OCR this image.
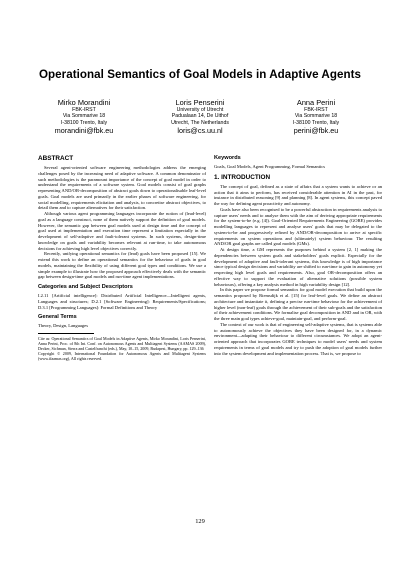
Operational Semantics of Goal Models in Adaptive Agents
Mirko Morandini
FBK-IRST
Via Sommarive 18
I-38100 Trento, Italy
morandini@fbk.eu
Loris Penserini
University of Utrecht
Padualaan 14, De Uithof
Utrecht, The Netherlands
loris@cs.uu.nl
Anna Perini
FBK-IRST
Via Sommarive 18
I-38100 Trento, Italy
perini@fbk.eu
ABSTRACT

Several agent-oriented software engineering methodologies address the emerging challenges posed by the increasing need of adaptive software. A common denominator of such methodologies is the paramount importance of the concept of goal model in order to understand the requirements of a software system. Goal models consist of goal graphs representing AND/OR-decomposition of abstract goals down to operationalisable leaf-level goals. Goal models are used primarily in the earlier phases of software engineering, for social modelling, requirements elicitation and analysis, to concretise abstract objectives, to detail them and to capture alternatives for their satisfaction.

Although various agent programming languages incorporate the notion of (lead-level) goal as a language construct, none of them natively support the definition of goal models. However, the semantic gap between goal models used at design time and the concept of goal used at implementation and execution time represent a limitation especially in the development of self-adaptive and fault-tolerant systems. In such systems, design-time knowledge on goals and variability becomes relevant at run-time, to take autonomous decisions for achieving high level objectives correctly.

Recently, unifying operational semantics for (lead) goals have been proposed [15]. We extend this work to define an operational semantics for the behaviour of goals in goal models, maintaining the flexibility of using different goal types and conditions. We use a simple example to illustrate how the proposed approach effectively deals with the semantic gap between design-time goal models and run-time agent implementations.

Categories and Subject Descriptors

I.2.11 [Artificial intelligence]: Distributed Artificial Intelligence—Intelligent agents, Languages and structures; D.2.1 [Software Engineering]: Requirements/Specifications; D.3.1 [Programming Languages]: Formal Definitions and Theory

General Terms

Theory, Design, Languages

Cite as: Operational Semantics of Goal Models in Adaptive Agents, Mirko Morandini, Loris Penserini, Anna Perini, Proc. of 8th Int. Conf. on Autonomous Agents and Multiagent Systems (AAMAS 2009), Decker, Sichman, Sierra and Castelfranchi (eds.), May, 10–15, 2009, Budapest, Hungary, pp. 129–136

Copyright © 2009, International Foundation for Autonomous Agents and Multiagent Systems (www.ifaamas.org), All rights reserved.

Keywords

Goals, Goal Models, Agent Programming, Formal Semantics

1. INTRODUCTION

The concept of goal, defined as a state of affairs that a system wants to achieve or an action that it aims to perform, has received considerable attention in AI in the past, for instance in distributed reasoning [9] and planning [8]. In agent systems, this concept paved the way for defining agent proactivity and autonomy.

Goals have also been recognised to be a powerful abstraction in requirements analysis to capture users' needs and to analyse them with the aim of deriving appropriate requirements for the system-to-be (e.g. [4]). Goal-Oriented Requirements Engineering (GORE) provides modelling languages to represent and analyse users' goals that may be delegated to the system-to-be and progressively refined by AND/OR-decomposition to arrive at specific requirements on system operations and (ultimately) system behaviour. The resulting AND/OR goal graphs are called goal models (GMs).

At design time, a GM represents the purposes behind a system [2, 1] making the dependencies between system goals and stakeholders' goals explicit. Especially for the development of adaptive and fault-tolerant systems, this knowledge is of high importance since typical design decisions and variability are shifted to run-time to gain in autonomy yet respecting high level goals and requirements. Also, goal OR-decomposition offers an effective way to support the evaluation of alternative solutions (possible system behaviours), offering a key analysis method in high variability design [12].

In this paper we propose formal semantics for goal model execution that build upon the semantics proposed by Riemsdijk et al. [15] for leaf-level goals. We define an abstract architecture and instantiate it, defining a precise run-time behaviour for the achievement of higher level (non-leaf) goals through the achievement of their sub-goals and the satisfaction of their achievement conditions. We formalise goal decomposition in AND and in OR, with the three main goal types achieve-goal, maintain-goal, and perform-goal.

The context of our work is that of engineering self-adaptive systems, that is systems able to autonomously achieve the objectives they have been designed for, in a dynamic environment—adapting their behaviour to different circumstances. We adopt an agent-oriented approach that incorporates GORE techniques to model users' needs and system requirements in terms of goal models and try to push the adoption of goal models further into the system development and implementation process. That is, we propose to

129
